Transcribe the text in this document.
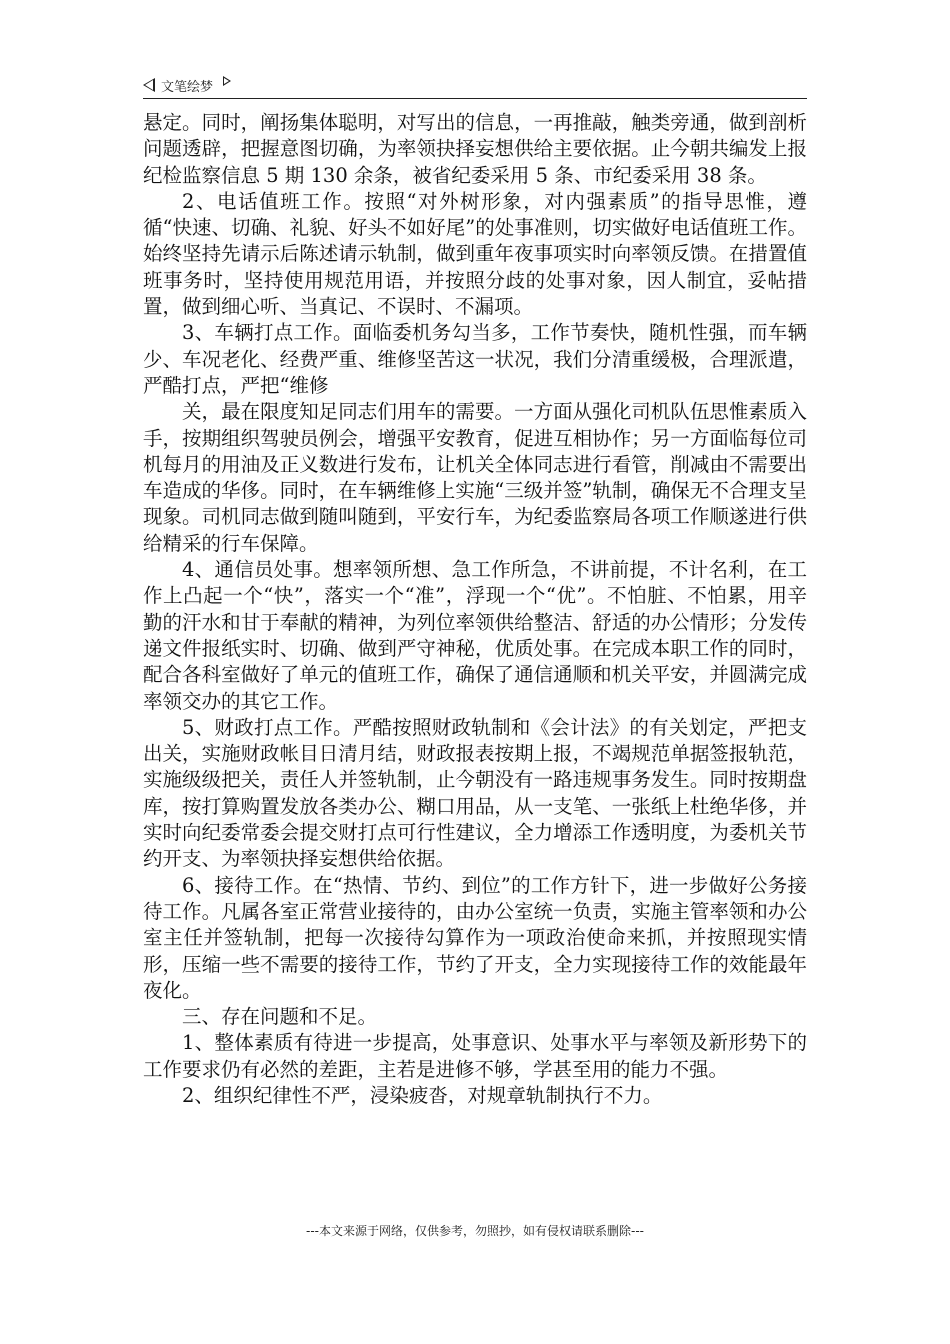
文笔绘梦

悬定。同时，阐扬集体聪明，对写出的信息，一再推敲，触类旁通，做到剖析问题透辟，把握意图切确，为率领抉择妄想供给主要依据。止今朝共编发上报纪检监察信息 5 期 130 余条，被省纪委采用 5 条、市纪委采用 38 条。

2、电话值班工作。按照“对外树形象，对内强素质”的指导思惟，遵循“快速、切确、礼貌、好头不如好尾”的处事准则，切实做好电话值班工作。始终坚持先请示后陈述请示轨制，做到重年夜事项实时向率领反馈。在措置值班事务时，坚持使用规范用语，并按照分歧的处事对象，因人制宜，妥帖措置，做到细心听、当真记、不误时、不漏项。

3、车辆打点工作。面临委机务勾当多，工作节奏快，随机性强，而车辆少、车况老化、经费严重、维修坚苦这一状况，我们分清重缓极，合理派遣，严酷打点，严把“维修

关，最在限度知足同志们用车的需要。一方面从强化司机队伍思惟素质入手，按期组织驾驶员例会，增强平安教育，促进互相协作；另一方面临每位司机每月的用油及正义数进行发布，让机关全体同志进行看管，削减由不需要出车造成的华侈。同时，在车辆维修上实施“三级并签”轨制，确保无不合理支呈现象。司机同志做到随叫随到，平安行车，为纪委监察局各项工作顺遂进行供给精采的行车保障。

4、通信员处事。想率领所想、急工作所急，不讲前提，不计名利，在工作上凸起一个“快”，落实一个“准”，浮现一个“优”。不怕脏、不怕累，用辛勤的汗水和甘于奉献的精神，为列位率领供给整洁、舒适的办公情形；分发传递文件报纸实时、切确、做到严守神秘，优质处事。在完成本职工作的同时，配合各科室做好了单元的值班工作，确保了通信通顺和机关平安，并圆满完成率领交办的其它工作。

5、财政打点工作。严酷按照财政轨制和《会计法》的有关划定，严把支出关，实施财政帐目日清月结，财政报表按期上报，不竭规范单据签报轨范，实施级级把关，责任人并签轨制，止今朝没有一路违规事务发生。同时按期盘库，按打算购置发放各类办公、糊口用品，从一支笔、一张纸上杜绝华侈，并实时向纪委常委会提交财打点可行性建议，全力增添工作透明度，为委机关节约开支、为率领抉择妄想供给依据。

6、接待工作。在“热情、节约、到位”的工作方针下，进一步做好公务接待工作。凡属各室正常营业接待的，由办公室统一负责，实施主管率领和办公室主任并签轨制，把每一次接待勾算作为一项政治使命来抓，并按照现实情形，压缩一些不需要的接待工作，节约了开支，全力实现接待工作的效能最年夜化。

三、存在问题和不足。

1、整体素质有待进一步提高，处事意识、处事水平与率领及新形势下的工作要求仍有必然的差距，主若是进修不够，学甚至用的能力不强。

2、组织纪律性不严，浸染疲沓，对规章轨制执行不力。

---本文来源于网络，仅供参考，勿照抄，如有侵权请联系删除---
